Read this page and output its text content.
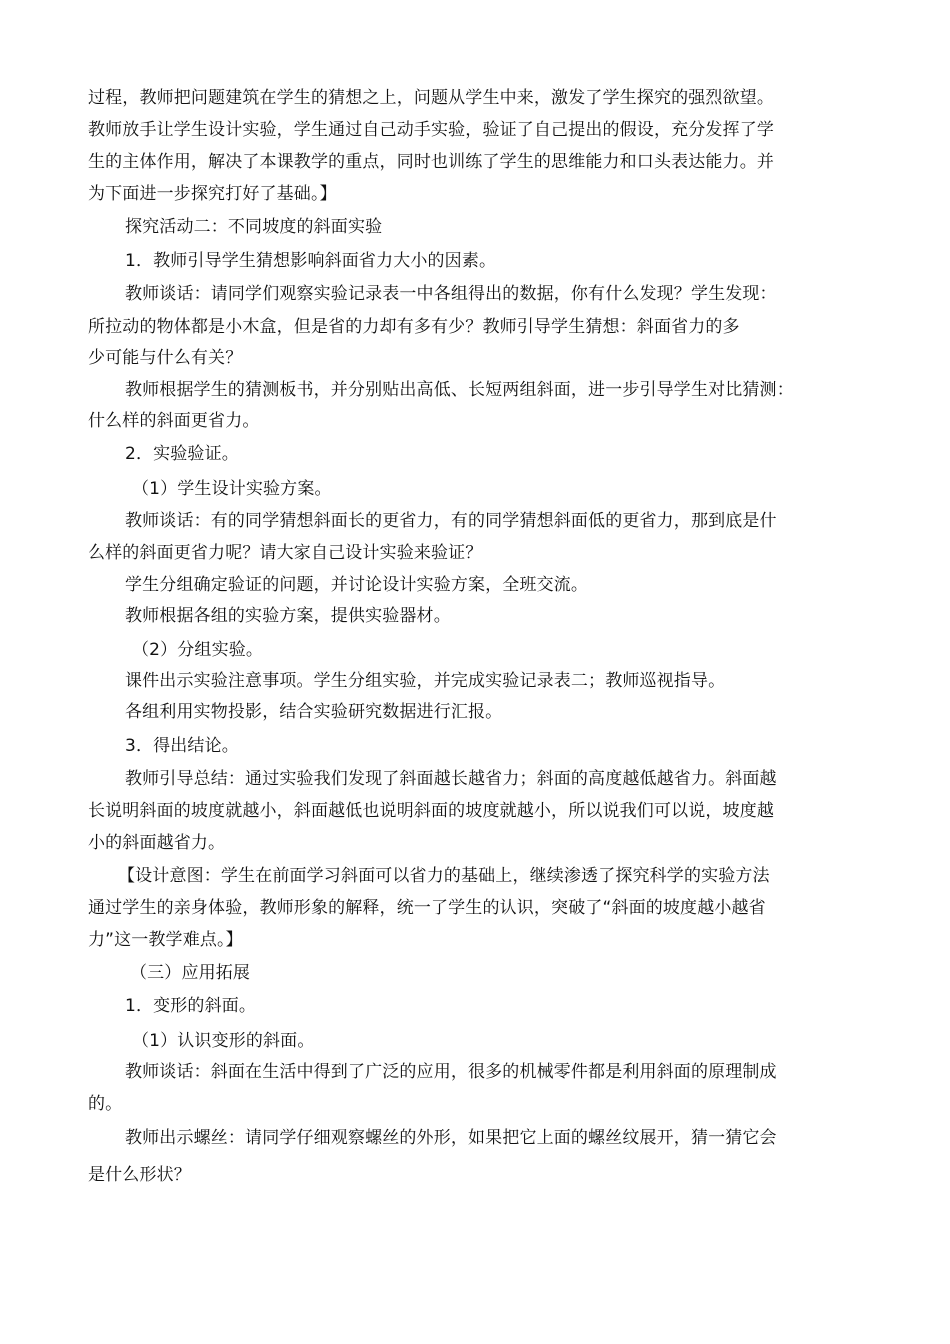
过程，教师把问题建筑在学生的猜想之上，问题从学生中来，激发了学生探究的强烈欲望。
教师放手让学生设计实验，学生通过自己动手实验，验证了自己提出的假设，充分发挥了学
生的主体作用，解决了本课教学的重点，同时也训练了学生的思维能力和口头表达能力。并
为下面进一步探究打好了基础。】
探究活动二：不同坡度的斜面实验
1．教师引导学生猜想影响斜面省力大小的因素。
教师谈话：请同学们观察实验记录表一中各组得出的数据，你有什么发现？学生发现：
所拉动的物体都是小木盒，但是省的力却有多有少？教师引导学生猜想：斜面省力的多
少可能与什么有关？
教师根据学生的猜测板书，并分别贴出高低、长短两组斜面，进一步引导学生对比猜测：
什么样的斜面更省力。
2．实验验证。
（1）学生设计实验方案。
教师谈话：有的同学猜想斜面长的更省力，有的同学猜想斜面低的更省力，那到底是什
么样的斜面更省力呢？请大家自己设计实验来验证？
学生分组确定验证的问题，并讨论设计实验方案，全班交流。
教师根据各组的实验方案，提供实验器材。
（2）分组实验。
课件出示实验注意事项。学生分组实验，并完成实验记录表二；教师巡视指导。
各组利用实物投影，结合实验研究数据进行汇报。
3．得出结论。
教师引导总结：通过实验我们发现了斜面越长越省力；斜面的高度越低越省力。斜面越
长说明斜面的坡度就越小，斜面越低也说明斜面的坡度就越小，所以说我们可以说，坡度越
小的斜面越省力。
【设计意图：学生在前面学习斜面可以省力的基础上，继续渗透了探究科学的实验方法
通过学生的亲身体验，教师形象的解释，统一了学生的认识，突破了“斜面的坡度越小越省
力”这一教学难点。】
（三）应用拓展
1．变形的斜面。
（1）认识变形的斜面。
教师谈话：斜面在生活中得到了广泛的应用，很多的机械零件都是利用斜面的原理制成
的。
教师出示螺丝：请同学仔细观察螺丝的外形，如果把它上面的螺丝纹展开，猜一猜它会
是什么形状？
